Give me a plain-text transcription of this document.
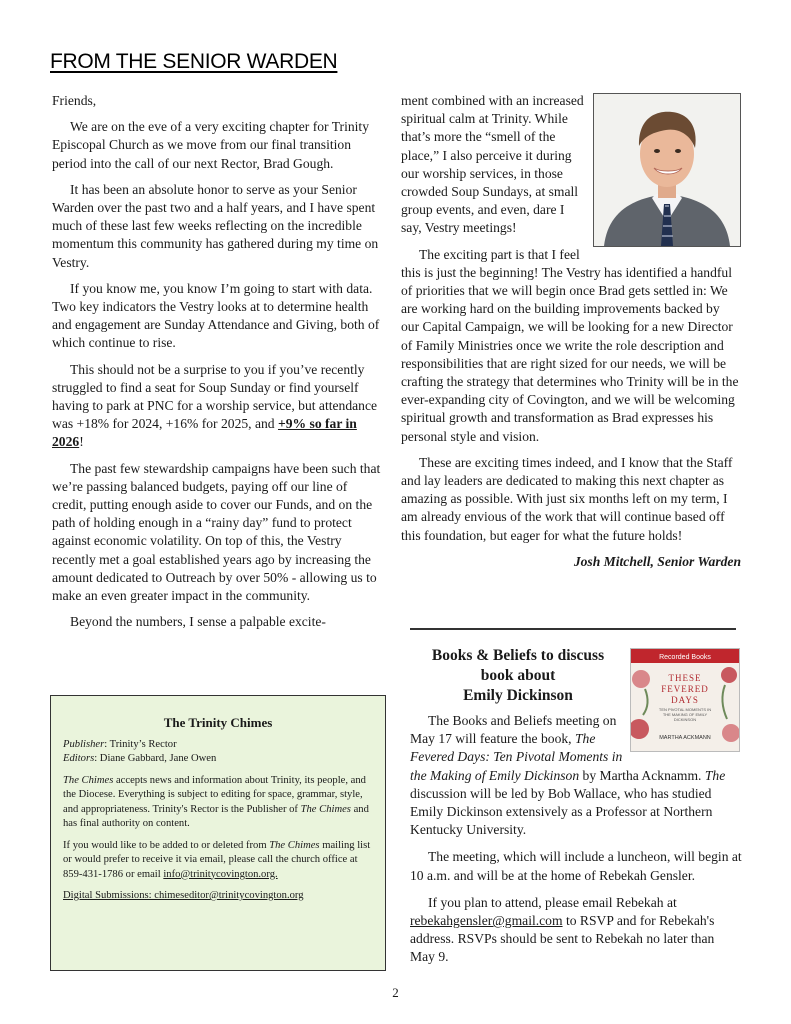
FROM THE SENIOR WARDEN

Friends,

We are on the eve of a very exciting chapter for Trinity Episcopal Church as we move from our final transition period into the call of our next Rector, Brad Gough.

It has been an absolute honor to serve as your Senior Warden over the past two and a half years, and I have spent much of these last few weeks reflecting on the incredible momentum this community has gathered during my time on Vestry.

If you know me, you know I’m going to start with data. Two key indicators the Vestry looks at to determine health and engagement are Sunday Attendance and Giving, both of which continue to rise.

This should not be a surprise to you if you’ve recently struggled to find a seat for Soup Sunday or find yourself having to park at PNC for a worship service, but attendance was +18% for 2024, +16% for 2025, and +9% so far in 2026!

The past few stewardship campaigns have been such that we’re passing balanced budgets, paying off our line of credit, putting enough aside to cover our Funds, and on the path of holding enough in a “rainy day” fund to protect against economic volatility. On top of this, the Vestry recently met a goal established years ago by increasing the amount dedicated to Outreach by over 50% - allowing us to make an even greater impact in the community.

Beyond the numbers, I sense a palpable excite-

ment combined with an increased spiritual calm at Trinity. While that’s more the “smell of the place,” I also perceive it during our worship services, in those crowded Soup Sundays, at small group events, and even, dare I say, Vestry meetings!

The exciting part is that I feel this is just the beginning! The Vestry has identified a handful of priorities that we will begin once Brad gets settled in: We are working hard on the building improvements backed by our Capital Campaign, we will be looking for a new Director of Family Ministries once we write the role description and responsibilities that are right sized for our needs, we will be crafting the strategy that determines who Trinity will be in the ever-expanding city of Covington, and we will be welcoming spiritual growth and transformation as Brad expresses his personal style and vision.

These are exciting times indeed, and I know that the Staff and lay leaders are dedicated to making this next chapter as amazing as possible. With just six months left on my term, I am already envious of the work that will continue based off this foundation, but eager for what the future holds!

Josh Mitchell, Senior Warden

Books & Beliefs to discuss
book about
Emily Dickinson
Recorded Books
THESE
FEVERED
DAYS
TEN PIVOTAL MOMENTS IN THE MAKING OF EMILY DICKINSON
MARTHA ACKMANN

The Books and Beliefs meeting on May 17 will feature the book, The Fevered Days: Ten Pivotal Moments in the Making of Emily Dickinson by Martha Acknamm. The discussion will be led by Bob Wallace, who has studied Emily Dickinson extensively as a Professor at Northern Kentucky University.

The meeting, which will include a luncheon, will begin at 10 a.m. and will be at the home of Rebekah Gensler.

If you plan to attend, please email Rebekah at rebekahgensler@gmail.com to RSVP and for Rebekah's address. RSVPs should be sent to Rebekah no later than May 9.

The Trinity Chimes
Publisher: Trinity’s Rector
Editors: Diane Gabbard, Jane Owen

The Chimes accepts news and information about Trinity, its people, and the Diocese. Everything is subject to editing for space, grammar, style, and appropriateness. Trinity's Rector is the Publisher of The Chimes and has final authority on content.

If you would like to be added to or deleted from The Chimes mailing list or would prefer to receive it via email, please call the church office at 859-431-1786 or email info@trinitycovington.org.

Digital Submissions: chimeseditor@trinitycovington.org

2
